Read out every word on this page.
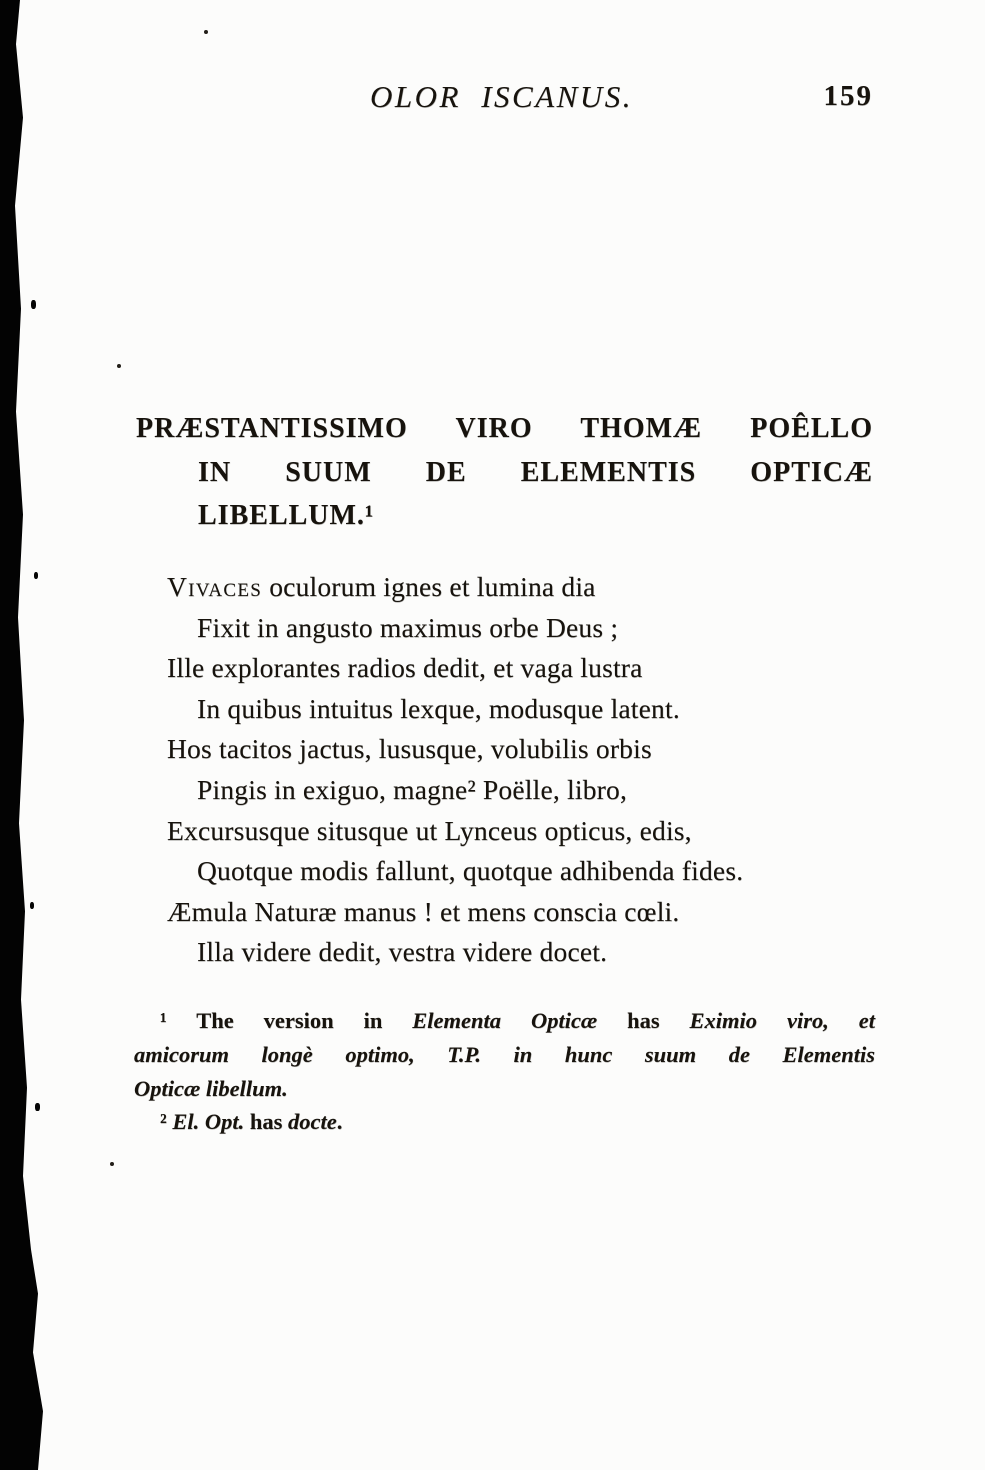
OLOR ISCANUS.	159
PRÆSTANTISSIMO VIRO THOMÆ POÊLLO
IN SUUM DE ELEMENTIS OPTICÆ
LIBELLUM.¹
Vivaces oculorum ignes et lumina dia
Fixit in angusto maximus orbe Deus ;
Ille explorantes radios dedit, et vaga lustra
In quibus intuitus lexque, modusque latent.
Hos tacitos jactus, lususque, volubilis orbis
Pingis in exiguo, magne² Poëlle, libro,
Excursusque situsque ut Lynceus opticus, edis,
Quotque modis fallunt, quotque adhibenda fides.
Æmula Naturæ manus ! et mens conscia cœli.
Illa videre dedit, vestra videre docet.
¹ The version in Elementa Opticæ has Eximio viro, et
amicorum longè optimo, T.P. in hunc suum de Elementis
Opticæ libellum.
² El. Opt. has docte.
